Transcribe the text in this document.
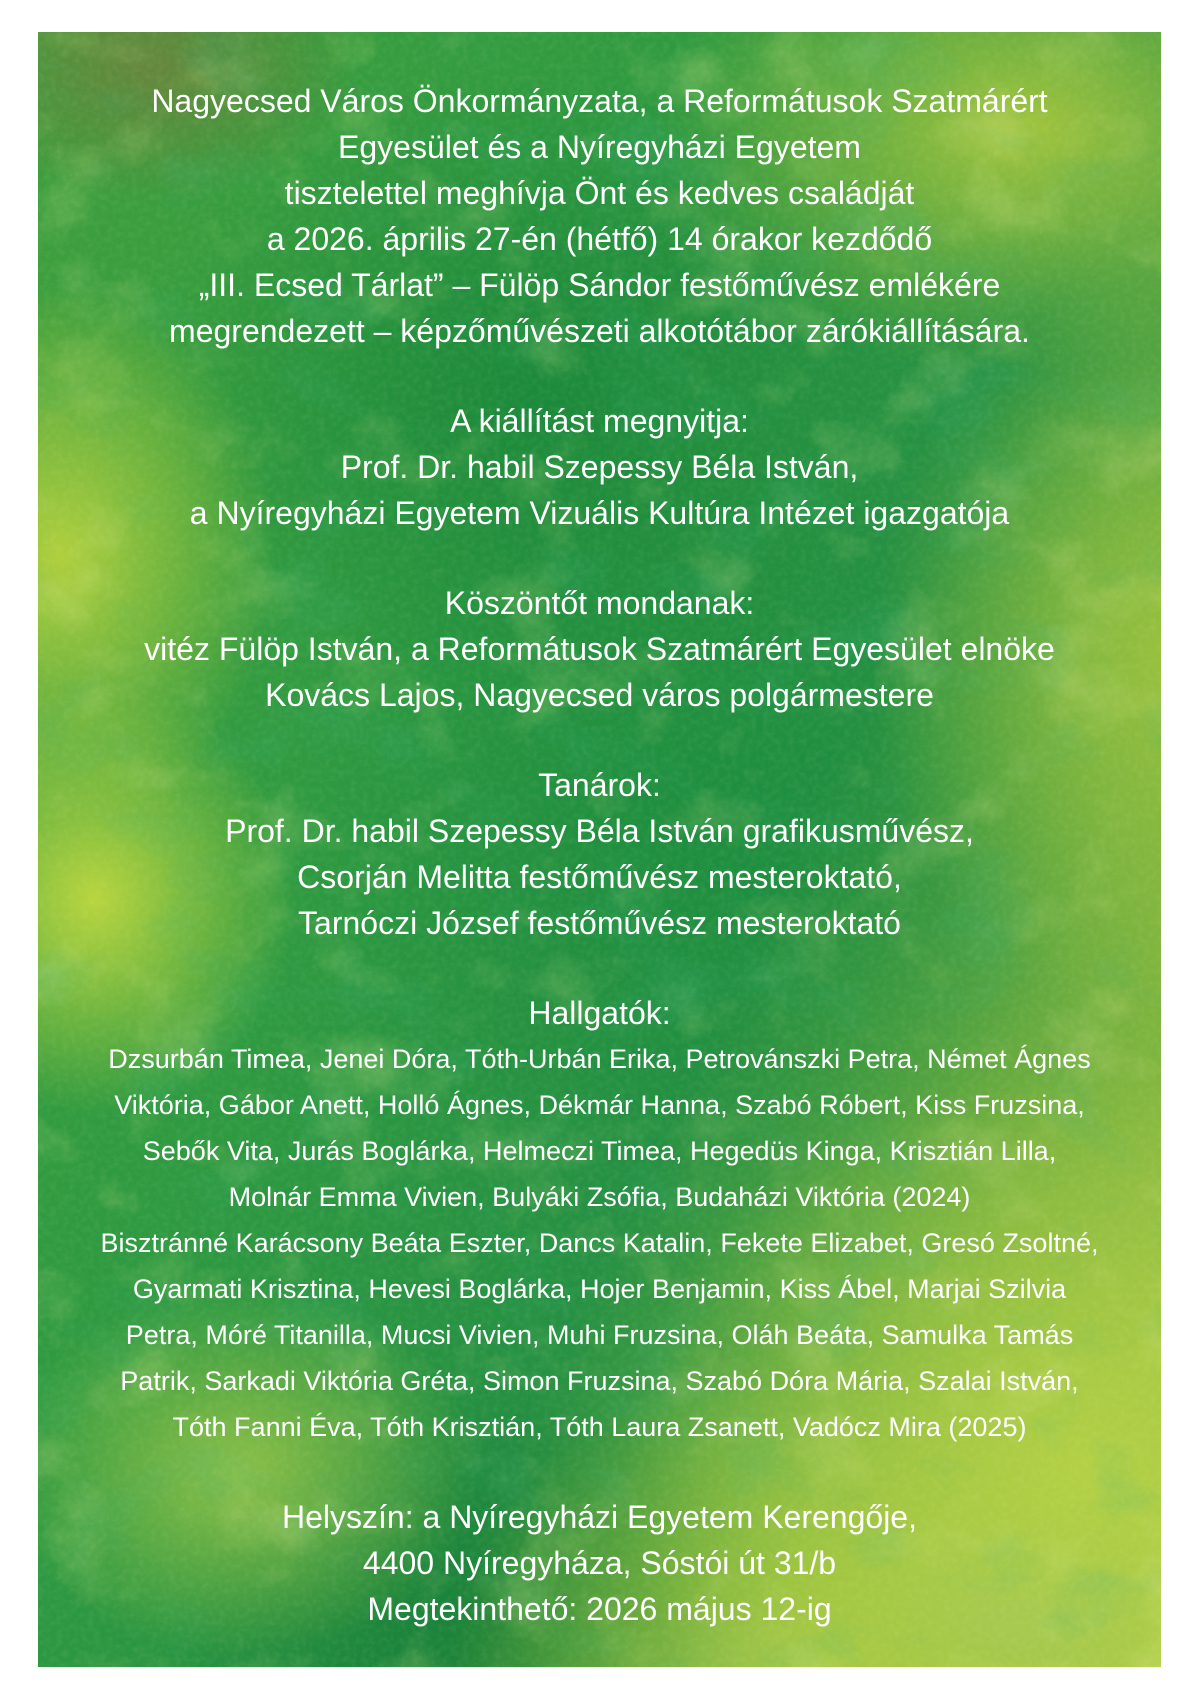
Nagyecsed Város Önkormányzata, a Reformátusok Szatmárért
Egyesület és a Nyíregyházi Egyetem
tisztelettel meghívja Önt és kedves családját
a 2026. április 27-én (hétfő) 14 órakor kezdődő
„III. Ecsed Tárlat” – Fülöp Sándor festőművész emlékére
megrendezett – képzőművészeti alkotótábor zárókiállítására.
A kiállítást megnyitja:
Prof. Dr. habil Szepessy Béla István,
a Nyíregyházi Egyetem Vizuális Kultúra Intézet igazgatója
Köszöntőt mondanak:
vitéz Fülöp István, a Reformátusok Szatmárért Egyesület elnöke
Kovács Lajos, Nagyecsed város polgármestere
Tanárok:
Prof. Dr. habil Szepessy Béla István grafikusművész,
Csorján Melitta festőművész mesteroktató,
Tarnóczi József festőművész mesteroktató
Hallgatók:
Dzsurbán Timea, Jenei Dóra, Tóth-Urbán Erika, Petrovánszki Petra, Német Ágnes
Viktória, Gábor Anett, Holló Ágnes, Dékmár Hanna, Szabó Róbert, Kiss Fruzsina,
Sebők Vita, Jurás Boglárka, Helmeczi Timea, Hegedüs Kinga, Krisztián Lilla,
Molnár Emma Vivien, Bulyáki Zsófia, Budaházi Viktória (2024)
Bisztránné Karácsony Beáta Eszter, Dancs Katalin, Fekete Elizabet, Gresó Zsoltné,
Gyarmati Krisztina, Hevesi Boglárka, Hojer Benjamin, Kiss Ábel, Marjai Szilvia
Petra, Móré Titanilla, Mucsi Vivien, Muhi Fruzsina, Oláh Beáta, Samulka Tamás
Patrik, Sarkadi Viktória Gréta, Simon Fruzsina, Szabó Dóra Mária, Szalai István,
Tóth Fanni Éva, Tóth Krisztián, Tóth Laura Zsanett, Vadócz Mira (2025)
Helyszín: a Nyíregyházi Egyetem Kerengője,
4400 Nyíregyháza, Sóstói út 31/b
Megtekinthető: 2026 május 12-ig
